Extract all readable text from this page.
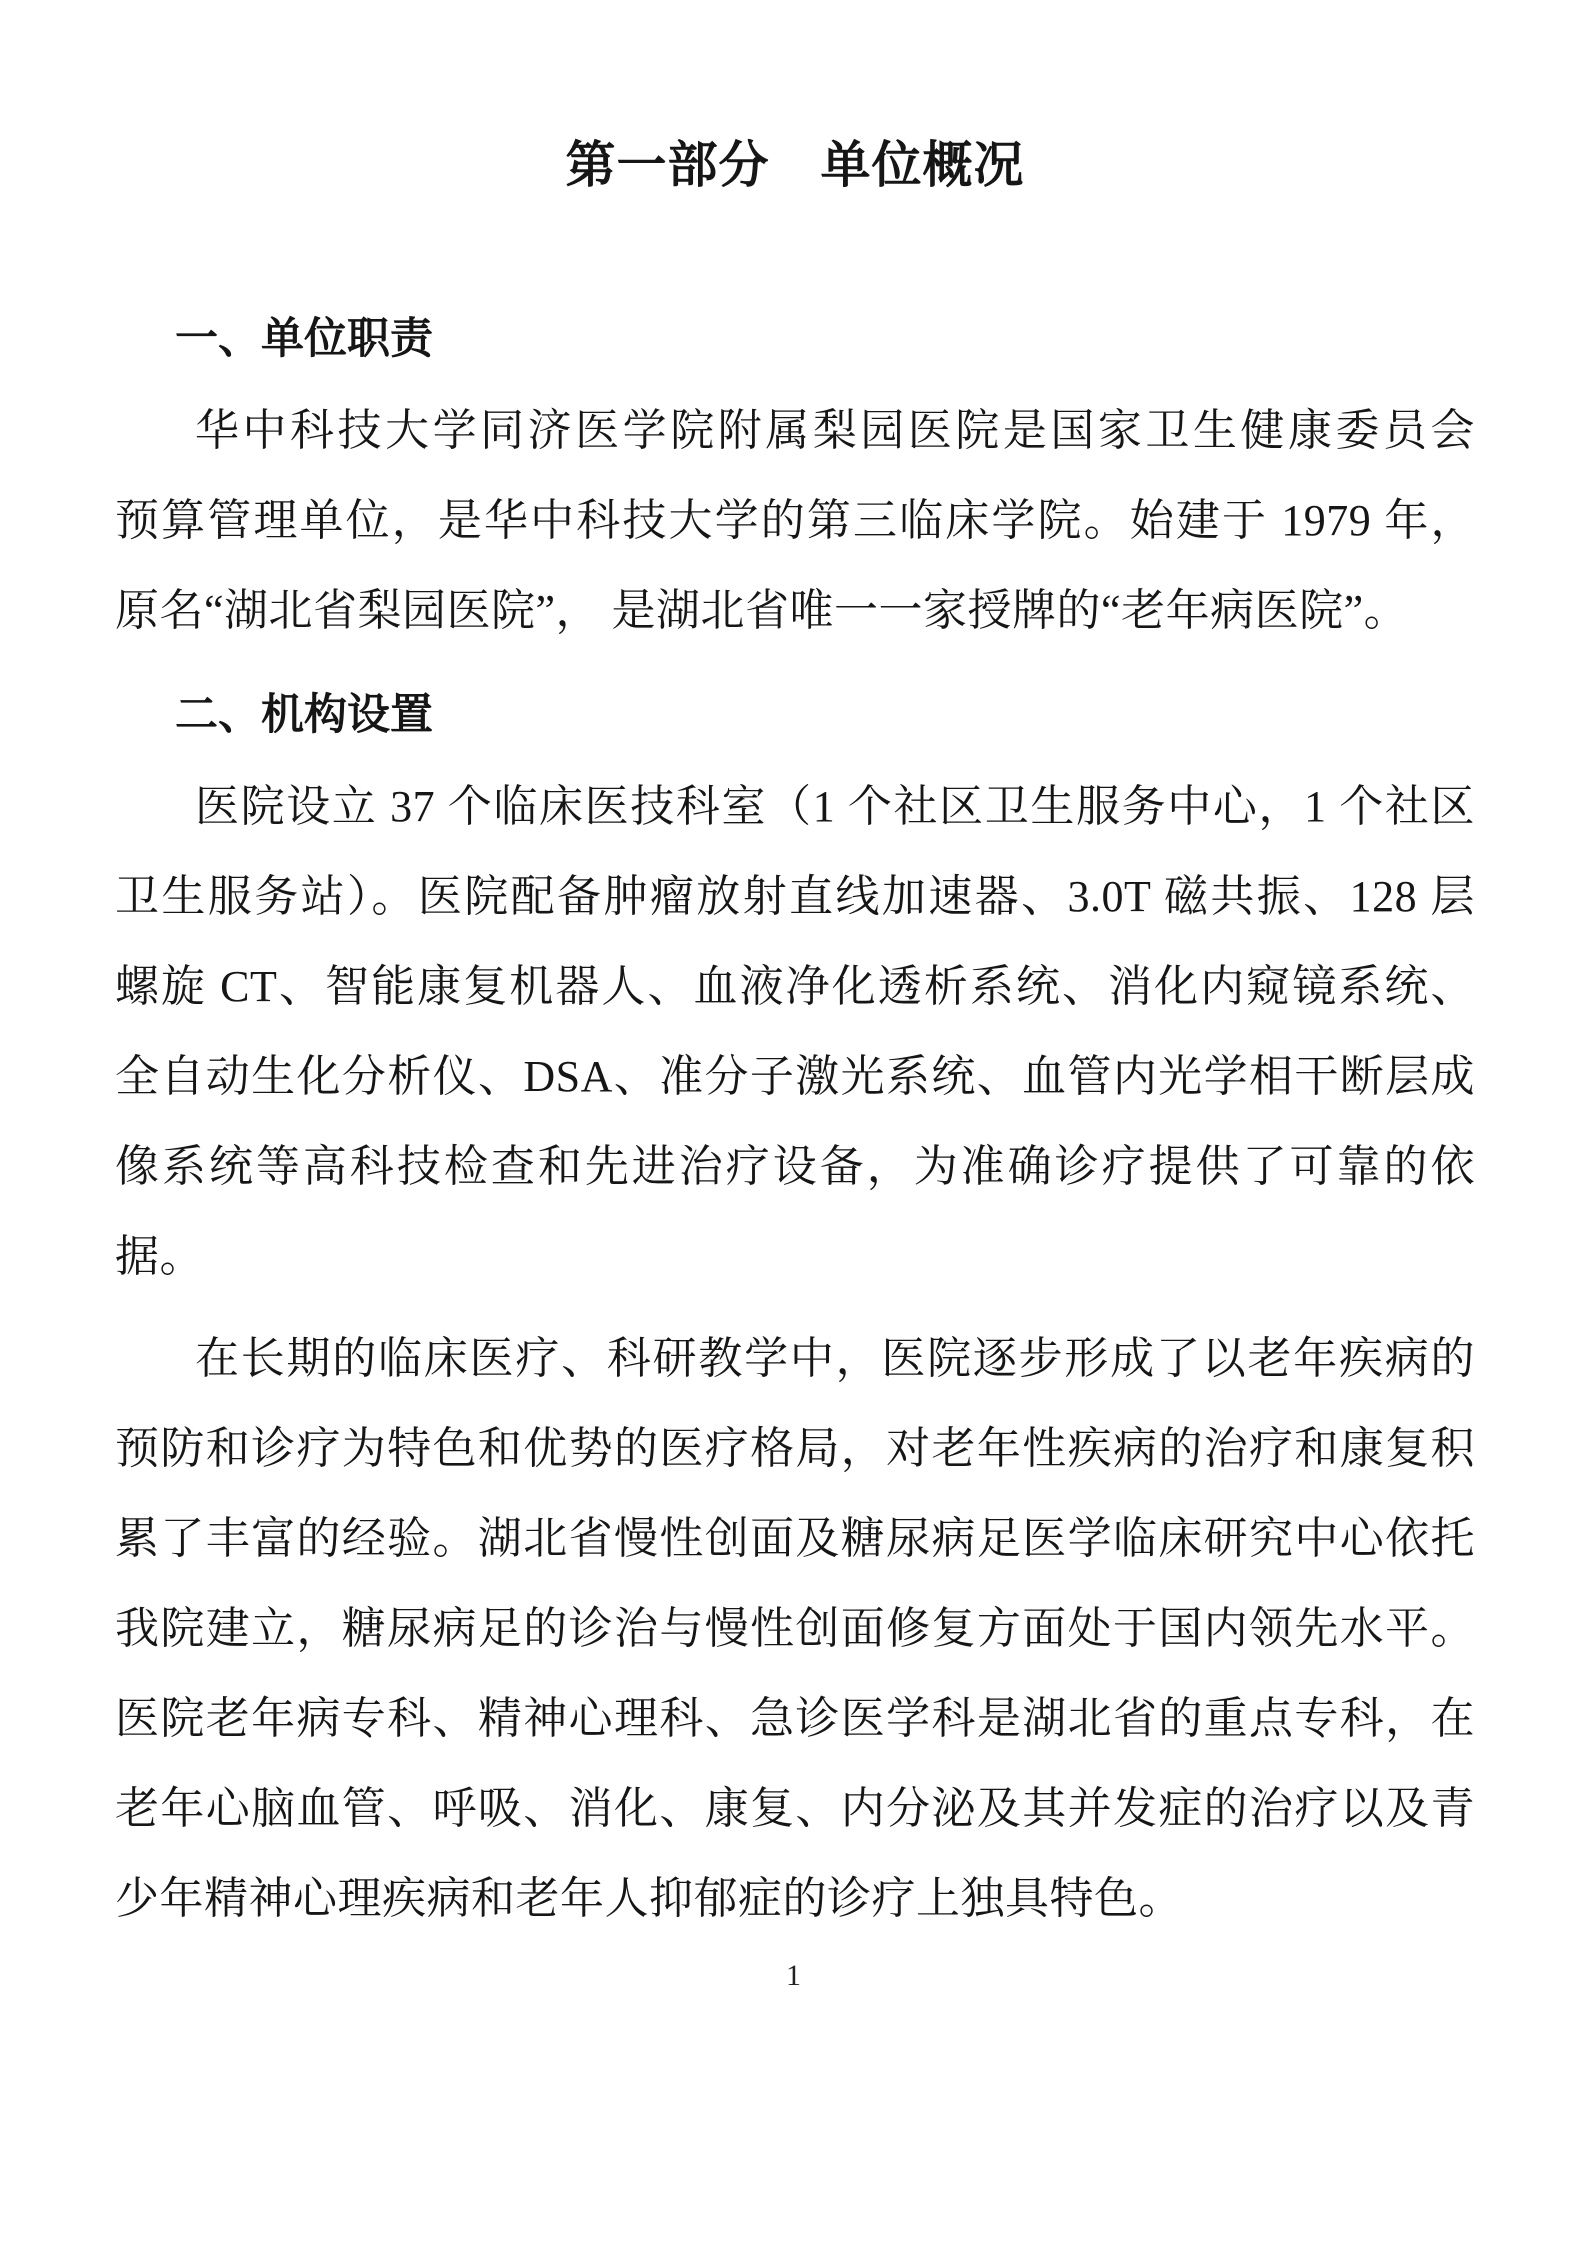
第一部分　单位概况
一、单位职责
华中科技大学同济医学院附属梨园医院是国家卫生健康委员会
预算管理单位，是华中科技大学的第三临床学院。始建于 1979 年，
原名“湖北省梨园医院”， 是湖北省唯一一家授牌的“老年病医院”。
二、机构设置
医院设立 37 个临床医技科室（1 个社区卫生服务中心，1 个社区
卫生服务站）。医院配备肿瘤放射直线加速器、3.0T 磁共振、128 层
螺旋 CT、智能康复机器人、血液净化透析系统、消化内窥镜系统、
全自动生化分析仪、DSA、准分子激光系统、血管内光学相干断层成
像系统等高科技检查和先进治疗设备，为准确诊疗提供了可靠的依
据。
在长期的临床医疗、科研教学中，医院逐步形成了以老年疾病的
预防和诊疗为特色和优势的医疗格局，对老年性疾病的治疗和康复积
累了丰富的经验。湖北省慢性创面及糖尿病足医学临床研究中心依托
我院建立，糖尿病足的诊治与慢性创面修复方面处于国内领先水平。
医院老年病专科、精神心理科、急诊医学科是湖北省的重点专科，在
老年心脑血管、呼吸、消化、康复、内分泌及其并发症的治疗以及青
少年精神心理疾病和老年人抑郁症的诊疗上独具特色。
1
